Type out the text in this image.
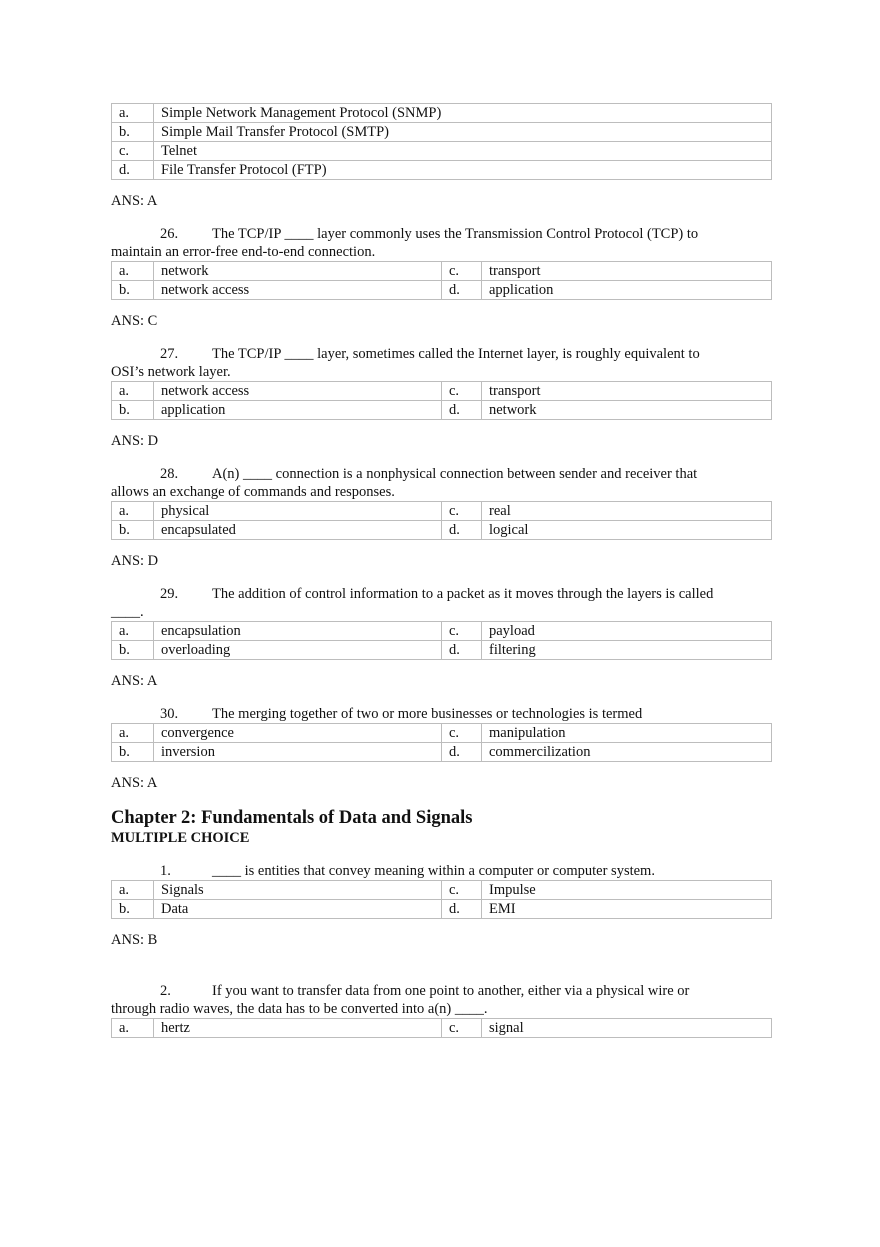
a.	Simple Network Management Protocol (SNMP)
b.	Simple Mail Transfer Protocol (SMTP)
c.	Telnet
d.	File Transfer Protocol (FTP)
ANS: A
26. The TCP/IP ____ layer commonly uses the Transmission Control Protocol (TCP) to
maintain an error-free end-to-end connection.
a.	network	c.	transport
b.	network access	d.	application
ANS: C
27. The TCP/IP ____ layer, sometimes called the Internet layer, is roughly equivalent to
OSI’s network layer.
a.	network access	c.	transport
b.	application	d.	network
ANS: D
28. A(n) ____ connection is a nonphysical connection between sender and receiver that
allows an exchange of commands and responses.
a.	physical	c.	real
b.	encapsulated	d.	logical
ANS: D
29. The addition of control information to a packet as it moves through the layers is called
____.
a.	encapsulation	c.	payload
b.	overloading	d.	filtering
ANS: A
30. The merging together of two or more businesses or technologies is termed
a.	convergence	c.	manipulation
b.	inversion	d.	commercilization
ANS: A
Chapter 2: Fundamentals of Data and Signals
MULTIPLE CHOICE
1.	____ is entities that convey meaning within a computer or computer system.
a.	Signals	c.	Impulse
b.	Data	d.	EMI
ANS: B
2.	If you want to transfer data from one point to another, either via a physical wire or
through radio waves, the data has to be converted into a(n) ____.
a.	hertz	c.	signal
